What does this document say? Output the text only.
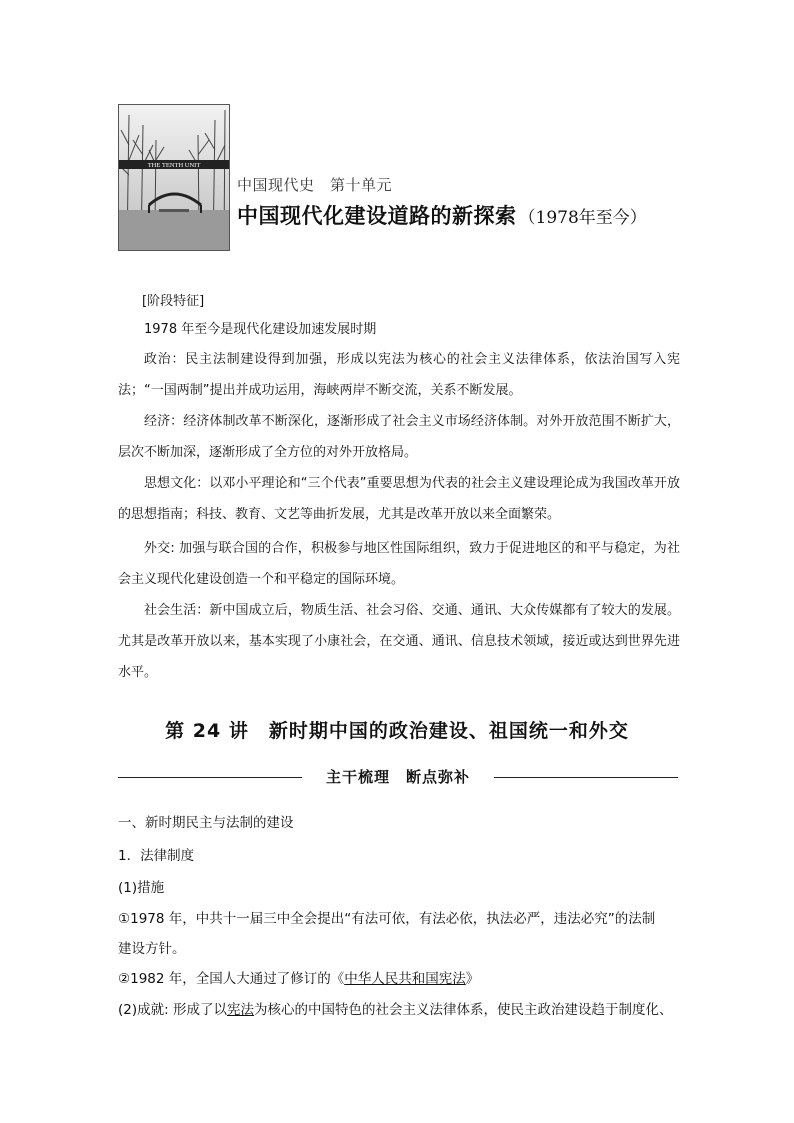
THE TENTH UNIT
中国现代史　第十单元
中国现代化建设道路的新探索 （1978年至今）
[阶段特征]
1978 年至今是现代化建设加速发展时期
政治：民主法制建设得到加强，形成以宪法为核心的社会主义法律体系，依法治国写入宪法；“一国两制”提出并成功运用，海峡两岸不断交流，关系不断发展。
经济：经济体制改革不断深化，逐渐形成了社会主义市场经济体制。对外开放范围不断扩大，层次不断加深，逐渐形成了全方位的对外开放格局。
思想文化：以邓小平理论和“三个代表”重要思想为代表的社会主义建设理论成为我国改革开放的思想指南；科技、教育、文艺等曲折发展，尤其是改革开放以来全面繁荣。
外交: 加强与联合国的合作，积极参与地区性国际组织，致力于促进地区的和平与稳定，为社会主义现代化建设创造一个和平稳定的国际环境。
社会生活：新中国成立后，物质生活、社会习俗、交通、通讯、大众传媒都有了较大的发展。尤其是改革开放以来，基本实现了小康社会，在交通、通讯、信息技术领域，接近或达到世界先进水平。
第 24 讲　新时期中国的政治建设、祖国统一和外交
主干梳理　断点弥补
一、新时期民主与法制的建设
1．法律制度
(1)措施
①1978 年，中共十一届三中全会提出“有法可依，有法必依，执法必严，违法必究”的法制
建设方针。
②1982 年，全国人大通过了修订的《中华人民共和国宪法》
(2)成就: 形成了以宪法为核心的中国特色的社会主义法律体系，使民主政治建设趋于制度化、
